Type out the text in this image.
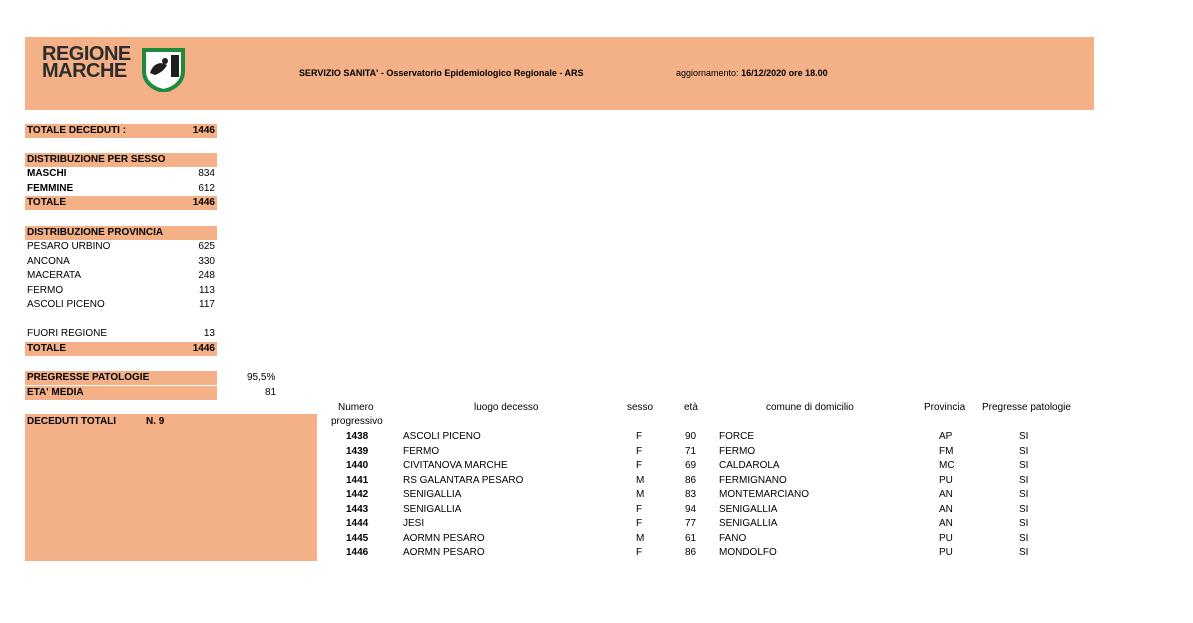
REGIONE
MARCHE	SERVIZIO SANITA' - Osservatorio Epidemiologico Regionale - ARS	aggiornamento: 16/12/2020 ore 18.00
TOTALE DECEDUTI :	1446
DISTRIBUZIONE PER SESSO
MASCHI	834
FEMMINE	612
TOTALE	1446
DISTRIBUZIONE PROVINCIA
PESARO URBINO	625
ANCONA	330
MACERATA	248
FERMO	113
ASCOLI PICENO	117
FUORI REGIONE	13
TOTALE	1446
PREGRESSE PATOLOGIE	95,5%
ETA' MEDIA	81
DECEDUTI TOTALI	N. 9
Numero
progressivo
luogo decesso	sesso	età	comune di domicilio	Provincia Pregresse patologie
1438	ASCOLI PICENO	F	90 FORCE	AP	SI
1439	FERMO	F	71 FERMO	FM	SI
1440	CIVITANOVA MARCHE	F	69 CALDAROLA	MC	SI
1441	RS GALANTARA PESARO	M	86 FERMIGNANO	PU	SI
1442	SENIGALLIA	M	83 MONTEMARCIANO	AN	SI
1443	SENIGALLIA	F	94 SENIGALLIA	AN	SI
1444	JESI	F	77 SENIGALLIA	AN	SI
1445	AORMN PESARO	M	61 FANO	PU	SI
1446	AORMN PESARO	F	86 MONDOLFO	PU	SI
